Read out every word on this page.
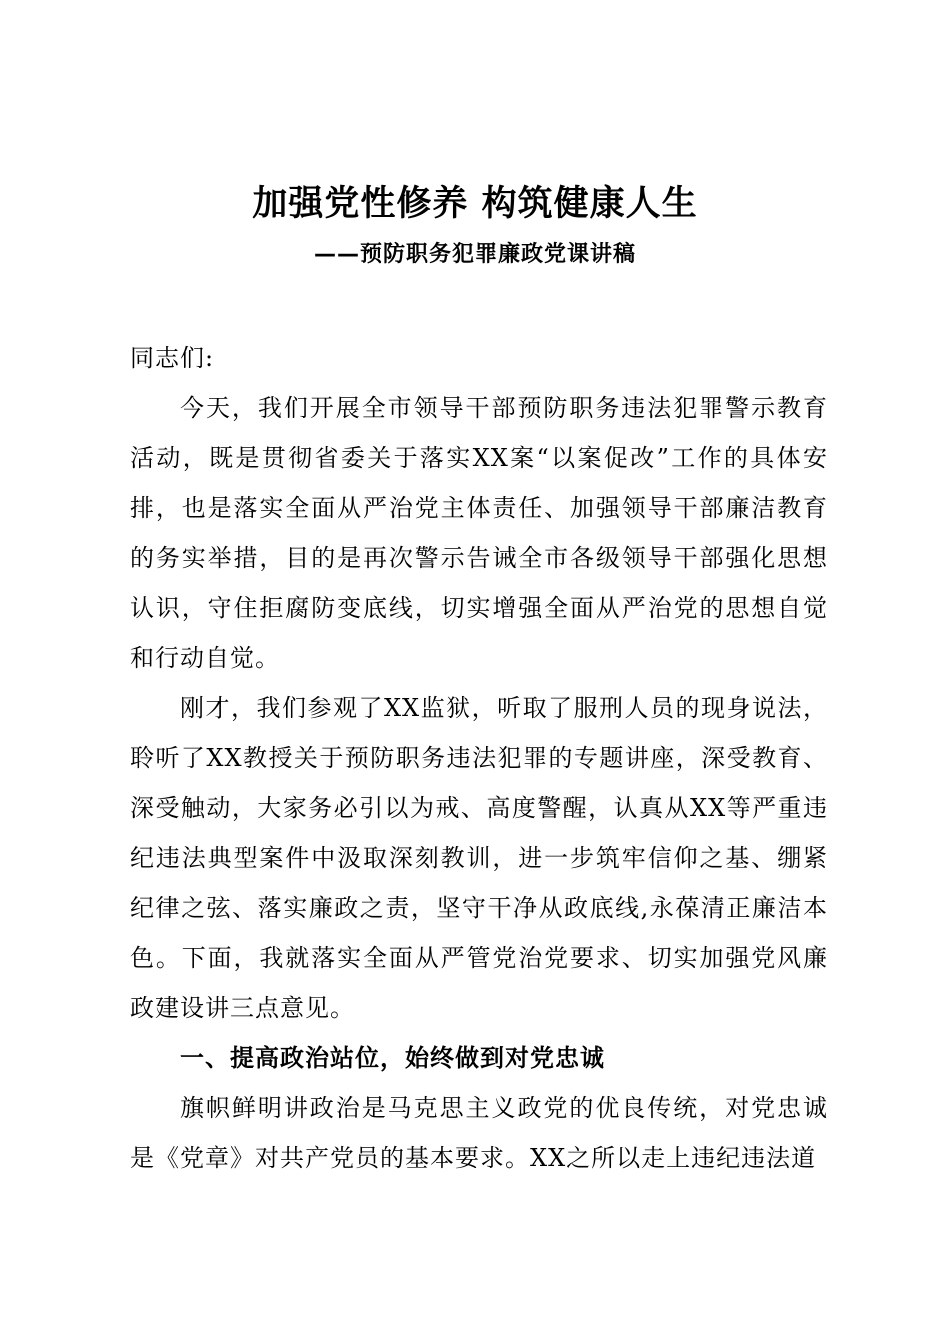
加强党性修养 构筑健康人生
——预防职务犯罪廉政党课讲稿

同志们:

今天，我们开展全市领导干部预防职务违法犯罪警示教育活动，既是贯彻省委关于落实XX案“以案促改”工作的具体安排，也是落实全面从严治党主体责任、加强领导干部廉洁教育的务实举措，目的是再次警示告诫全市各级领导干部强化思想认识，守住拒腐防变底线，切实增强全面从严治党的思想自觉和行动自觉。

刚才，我们参观了XX监狱，听取了服刑人员的现身说法，聆听了XX教授关于预防职务违法犯罪的专题讲座，深受教育、深受触动，大家务必引以为戒、高度警醒，认真从XX等严重违纪违法典型案件中汲取深刻教训，进一步筑牢信仰之基、绷紧纪律之弦、落实廉政之责，坚守干净从政底线,永葆清正廉洁本色。下面，我就落实全面从严管党治党要求、切实加强党风廉政建设讲三点意见。

一、提高政治站位，始终做到对党忠诚

旗帜鲜明讲政治是马克思主义政党的优良传统，对党忠诚是《党章》对共产党员的基本要求。XX之所以走上违纪违法道
